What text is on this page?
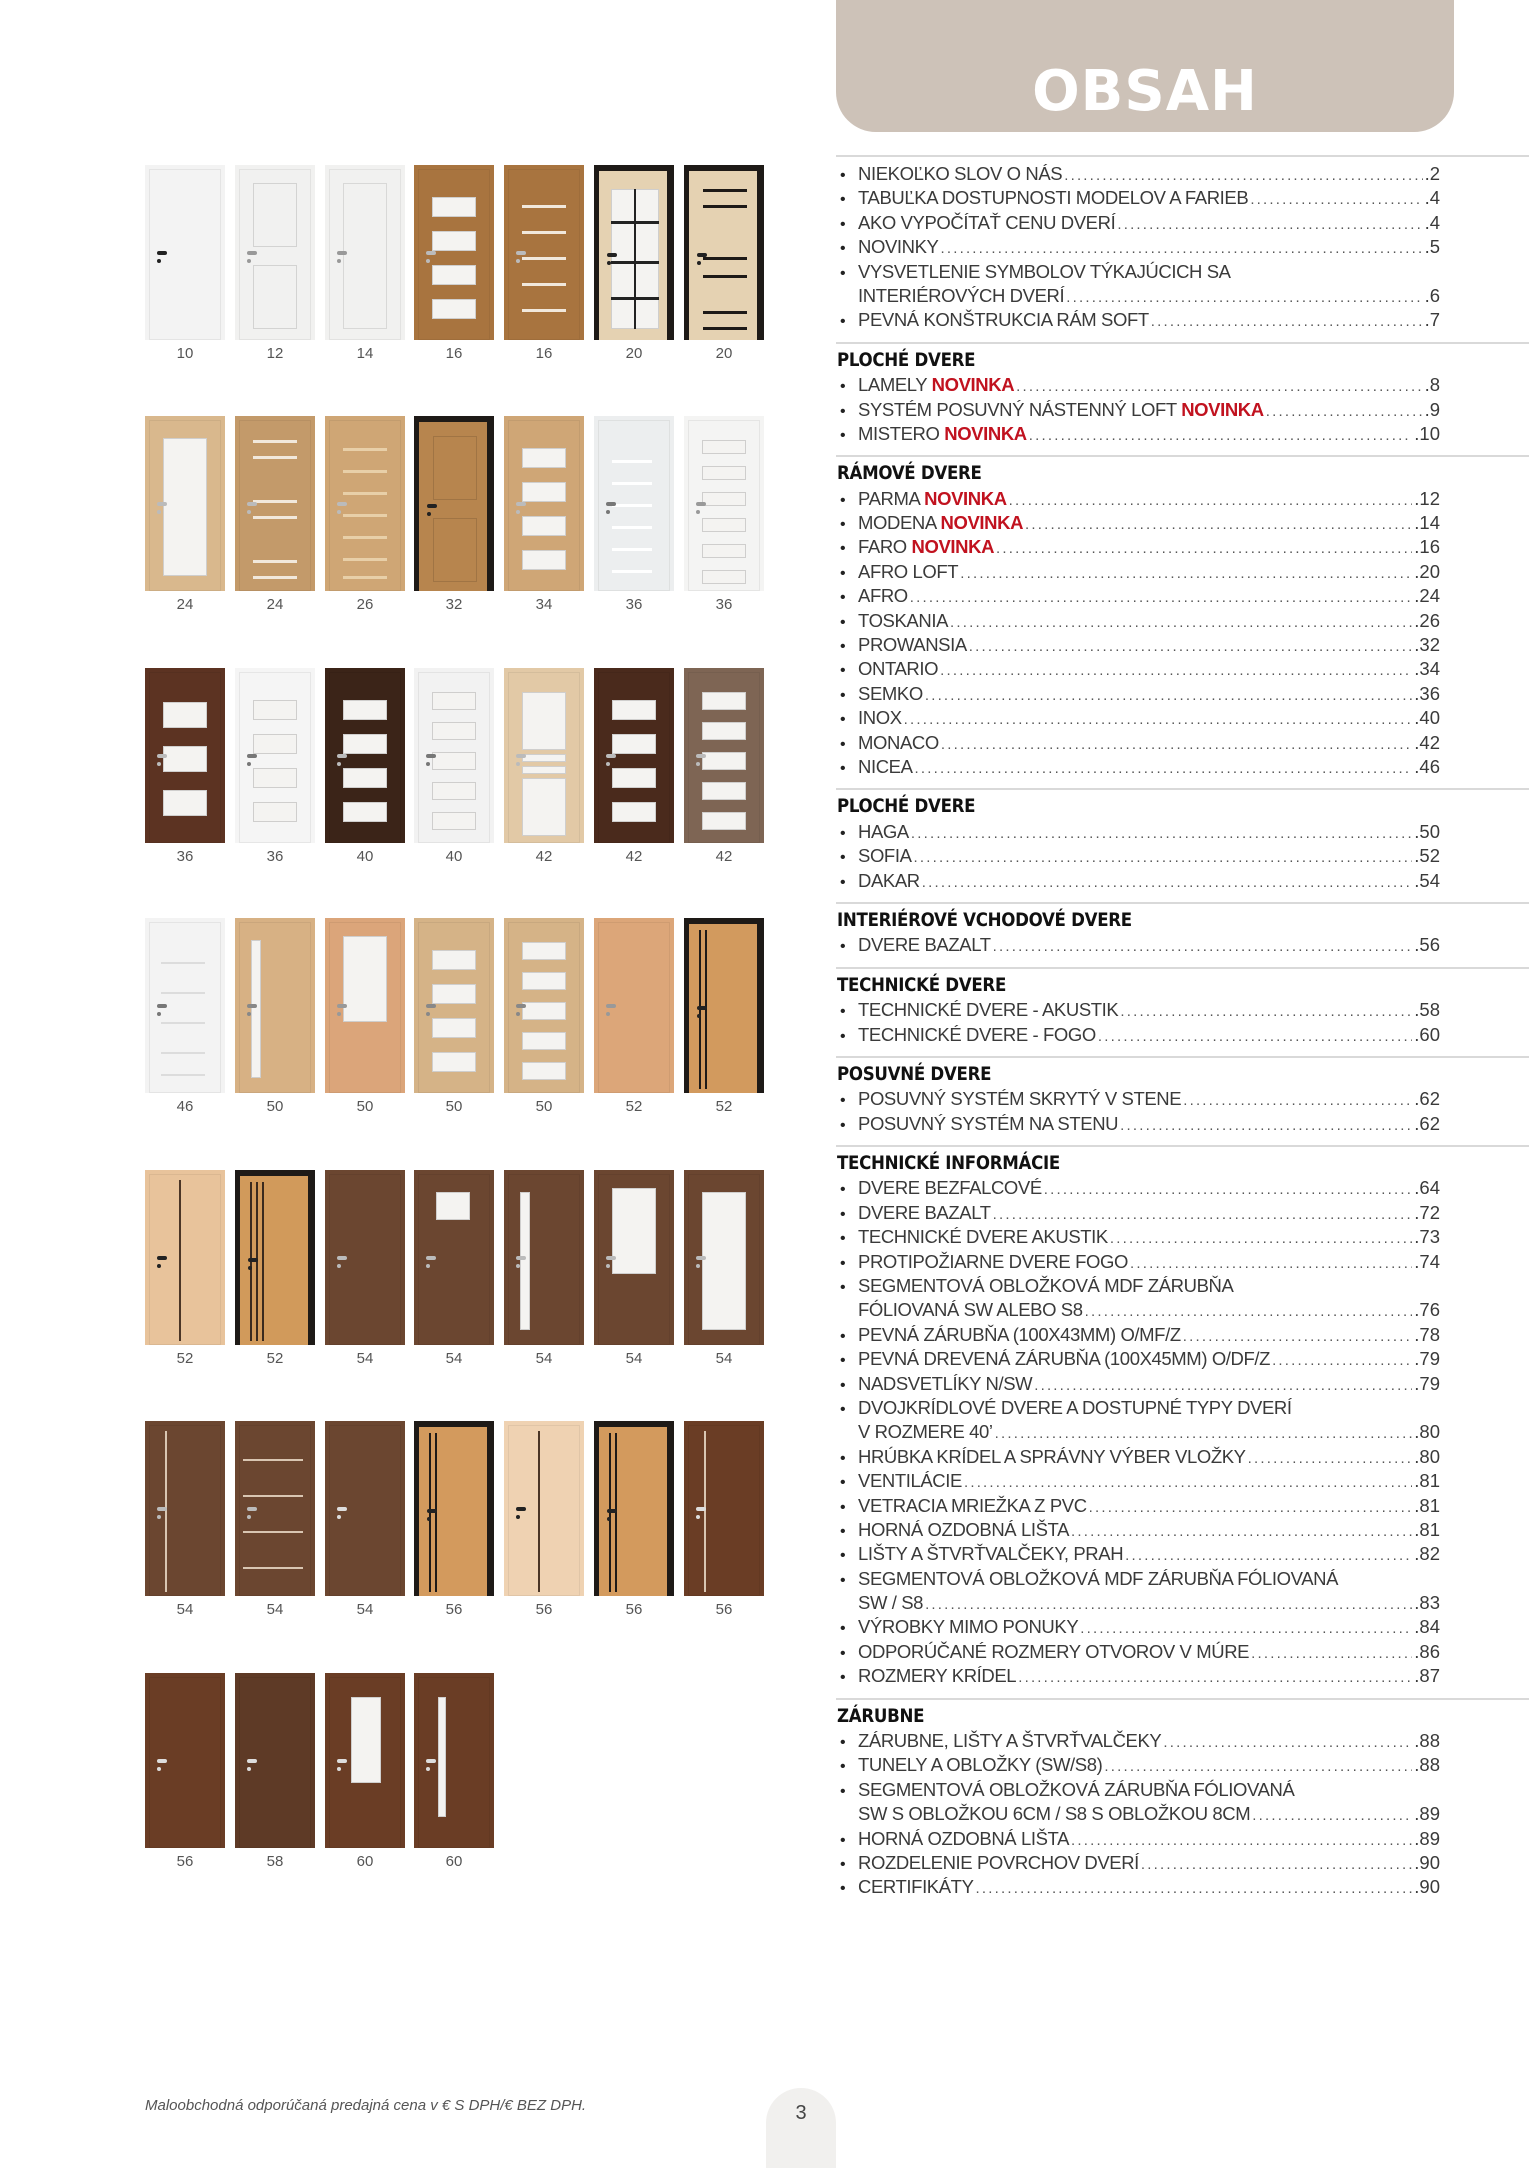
10	12	14	16	16	20	20
24	24	26	32	34	36	36
36	36	40	40	42	42	42
46	50	50	50	50	52	52
52	52	54	54	54	54	54
54	54	54	56	56	56	56
56	58	60	60
OBSAH
• NIEKOĽKO SLOV O NÁS .....	.2
• TABUĽKA DOSTUPNOSTI MODELOV A FARIEB .....	.4
• AKO VYPOČÍTAŤ CENU DVERÍ .....	.4
• NOVINKY .....	.5
• VYSVETLENIE SYMBOLOV TÝKAJÚCICH SA
INTERIÉROVÝCH DVERÍ .....	.6
• PEVNÁ KONŠTRUKCIA RÁM SOFT .....	.7
PLOCHÉ DVERE
• LAMELY NOVINKA .....	.8
• SYSTÉM POSUVNÝ NÁSTENNÝ LOFT NOVINKA .....	.9
• MISTERO NOVINKA .....	.10
RÁMOVÉ DVERE
• PARMA NOVINKA .....	.12
• MODENA NOVINKA .....	.14
• FARO NOVINKA .....	.16
• AFRO LOFT .....	.20
• AFRO .....	.24
• TOSKANIA .....	.26
• PROWANSIA .....	.32
• ONTARIO .....	.34
• SEMKO .....	.36
• INOX .....	.40
• MONACO .....	.42
• NICEA .....	.46
PLOCHÉ DVERE
• HAGA .....	.50
• SOFIA .....	.52
• DAKAR .....	.54
INTERIÉROVÉ VCHODOVÉ DVERE
• DVERE BAZALT .....	.56
TECHNICKÉ DVERE
• TECHNICKÉ DVERE - AKUSTIK .....	.58
• TECHNICKÉ DVERE - FOGO .....	.60
POSUVNÉ DVERE
• POSUVNÝ SYSTÉM SKRYTÝ V STENE .....	.62
• POSUVNÝ SYSTÉM NA STENU .....	.62
TECHNICKÉ INFORMÁCIE
• DVERE BEZFALCOVÉ .....	.64
• DVERE BAZALT .....	.72
• TECHNICKÉ DVERE AKUSTIK .....	.73
• PROTIPOŽIARNE DVERE FOGO .....	.74
• SEGMENTOVÁ OBLOŽKOVÁ MDF ZÁRUBŇA
FÓLIOVANÁ SW ALEBO S8 .....	.76
• PEVNÁ ZÁRUBŇA (100X43MM) O/MF/Z .....	.78
• PEVNÁ DREVENÁ ZÁRUBŇA (100X45MM) O/DF/Z .....	.79
• NADSVETLÍKY N/SW .....	.79
• DVOJKRÍDLOVÉ DVERE A DOSTUPNÉ TYPY DVERÍ
V ROZMERE 40’ .....	.80
• HRÚBKA KRÍDEL A SPRÁVNY VÝBER VLOŽKY .....	.80
• VENTILÁCIE .....	.81
• VETRACIA MRIEŽKA Z PVC .....	.81
• HORNÁ OZDOBNÁ LIŠTA .....	.81
• LIŠTY A ŠTVRŤVALČEKY, PRAH .....	.82
• SEGMENTOVÁ OBLOŽKOVÁ MDF ZÁRUBŇA FÓLIOVANÁ
SW / S8 .....	.83
• VÝROBKY MIMO PONUKY .....	.84
• ODPORÚČANÉ ROZMERY OTVOROV V MÚRE .....	.86
• ROZMERY KRÍDEL .....	.87
ZÁRUBNE
• ZÁRUBNE, LIŠTY A ŠTVRŤVALČEKY .....	.88
• TUNELY A OBLOŽKY (SW/S8) .....	.88
• SEGMENTOVÁ OBLOŽKOVÁ ZÁRUBŇA FÓLIOVANÁ
SW S OBLOŽKOU 6CM / S8 S OBLOŽKOU 8CM .....	.89
• HORNÁ OZDOBNÁ LIŠTA .....	.89
• ROZDELENIE POVRCHOV DVERÍ .....	.90
• CERTIFIKÁTY .....	.90
Maloobchodná odporúčaná predajná cena v € S DPH/€ BEZ DPH.	3
